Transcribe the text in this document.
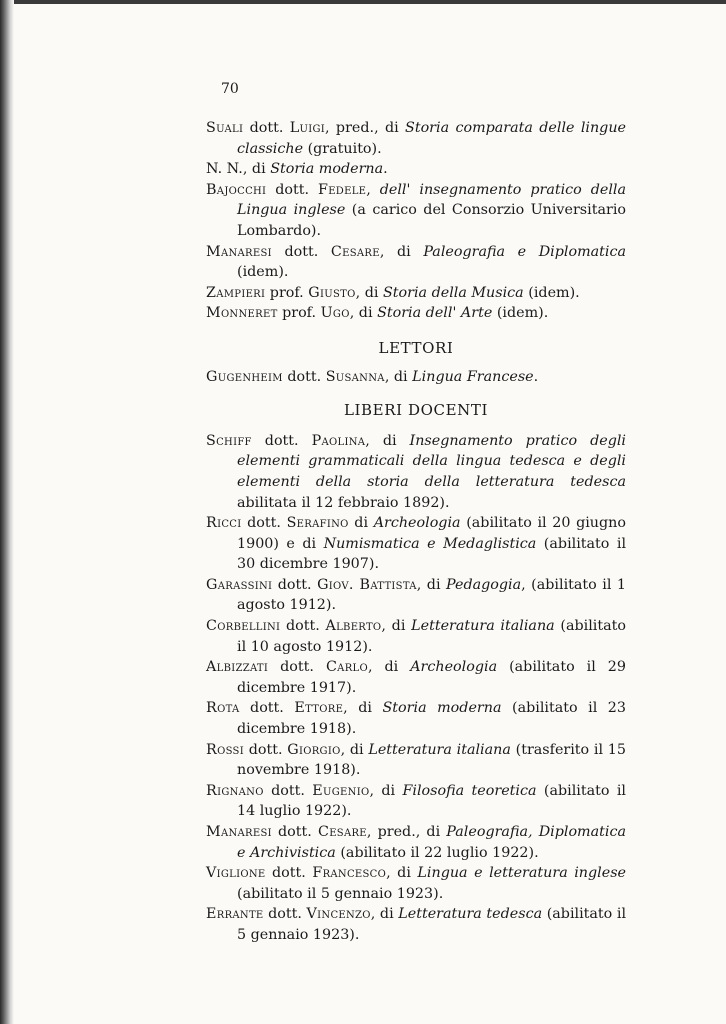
70
Suali dott. Luigi, pred., di Storia comparata delle lingue classiche (gratuito).
N. N., di Storia moderna.
Bajocchi dott. Fedele, dell' insegnamento pratico della Lingua inglese (a carico del Consorzio Universitario Lombardo).
Manaresi dott. Cesare, di Paleografia e Diplomatica (idem).
Zampieri prof. Giusto, di Storia della Musica (idem).
Monneret prof. Ugo, di Storia dell' Arte (idem).
LETTORI
Gugenheim dott. Susanna, di Lingua Francese.
LIBERI DOCENTI
Schiff dott. Paolina, di Insegnamento pratico degli elementi grammaticali della lingua tedesca e degli elementi della storia della letteratura tedesca abilitata il 12 febbraio 1892).
Ricci dott. Serafino di Archeologia (abilitato il 20 giugno 1900) e di Numismatica e Medaglistica (abilitato il 30 dicembre 1907).
Garassini dott. Giov. Battista, di Pedagogia, (abilitato il 1 agosto 1912).
Corbellini dott. Alberto, di Letteratura italiana (abilitato il 10 agosto 1912).
Albizzati dott. Carlo, di Archeologia (abilitato il 29 dicembre 1917).
Rota dott. Ettore, di Storia moderna (abilitato il 23 dicembre 1918).
Rossi dott. Giorgio, di Letteratura italiana (trasferito il 15 novembre 1918).
Rignano dott. Eugenio, di Filosofia teoretica (abilitato il 14 luglio 1922).
Manaresi dott. Cesare, pred., di Paleografia, Diplomatica e Archivistica (abilitato il 22 luglio 1922).
Viglione dott. Francesco, di Lingua e letteratura inglese (abilitato il 5 gennaio 1923).
Errante dott. Vincenzo, di Letteratura tedesca (abilitato il 5 gennaio 1923).
